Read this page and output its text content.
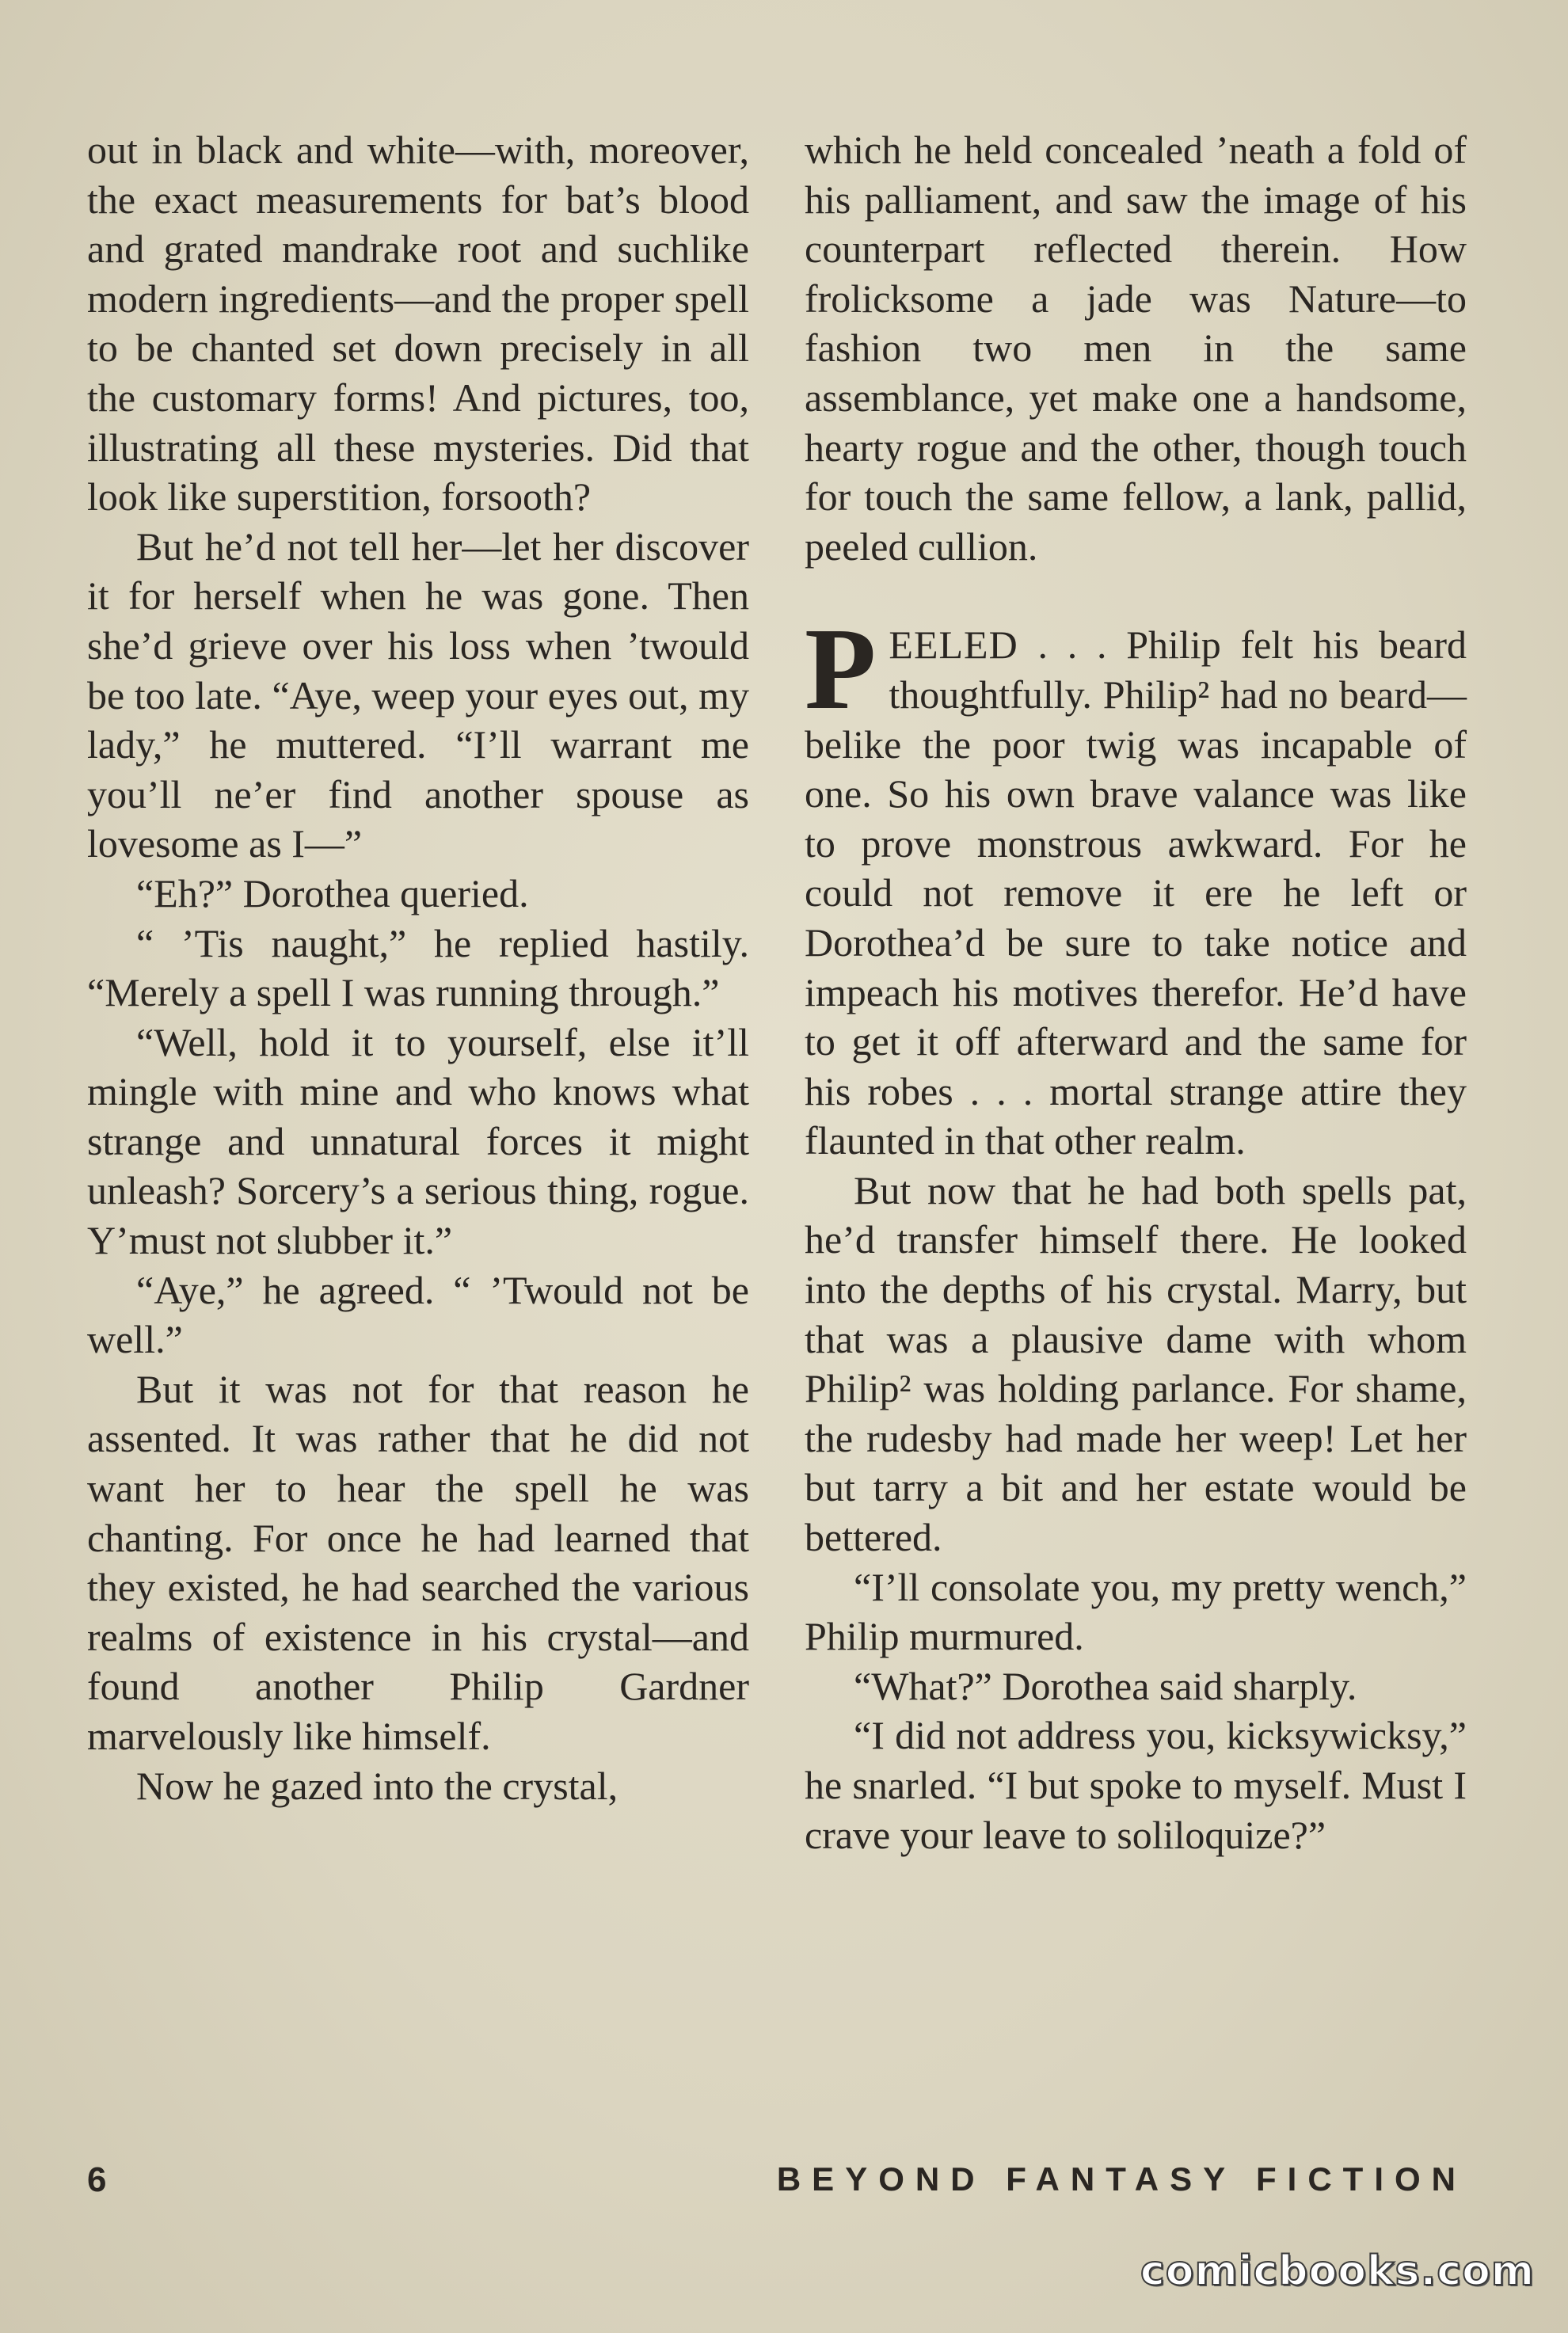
out in black and white—with, moreover, the exact measurements for bat’s blood and grated mandrake root and suchlike modern ingredients—and the proper spell to be chanted set down precisely in all the customary forms! And pictures, too, illustrating all these mysteries. Did that look like superstition, forsooth?

But he’d not tell her—let her discover it for herself when he was gone. Then she’d grieve over his loss when ’twould be too late. “Aye, weep your eyes out, my lady,” he muttered. “I’ll warrant me you’ll ne’er find another spouse as lovesome as I—”

“Eh?” Dorothea queried.

“ ’Tis naught,” he replied hastily. “Merely a spell I was running through.”

“Well, hold it to yourself, else it’ll mingle with mine and who knows what strange and unnatural forces it might unleash? Sorcery’s a serious thing, rogue. Y’must not slubber it.”

“Aye,” he agreed. “ ’Twould not be well.”

But it was not for that reason he assented. It was rather that he did not want her to hear the spell he was chanting. For once he had learned that they existed, he had searched the various realms of existence in his crystal—and found another Philip Gardner marvelously like himself.

Now he gazed into the crystal,

which he held concealed ’neath a fold of his palliament, and saw the image of his counterpart reflected therein. How frolicksome a jade was Nature—to fashion two men in the same assemblance, yet make one a handsome, hearty rogue and the other, though touch for touch the same fellow, a lank, pallid, peeled cullion.

PEELED . . . Philip felt his beard thoughtfully. Philip² had no beard—belike the poor twig was incapable of one. So his own brave valance was like to prove monstrous awkward. For he could not remove it ere he left or Dorothea’d be sure to take notice and impeach his motives therefor. He’d have to get it off afterward and the same for his robes . . . mortal strange attire they flaunted in that other realm.

But now that he had both spells pat, he’d transfer himself there. He looked into the depths of his crystal. Marry, but that was a plausive dame with whom Philip² was holding parlance. For shame, the rudesby had made her weep! Let her but tarry a bit and her estate would be bettered.

“I’ll consolate you, my pretty wench,” Philip murmured.

“What?” Dorothea said sharply.

“I did not address you, kicksywicksy,” he snarled. “I but spoke to myself. Must I crave your leave to soliloquize?”

6	BEYOND FANTASY FICTION
comicbooks.com
